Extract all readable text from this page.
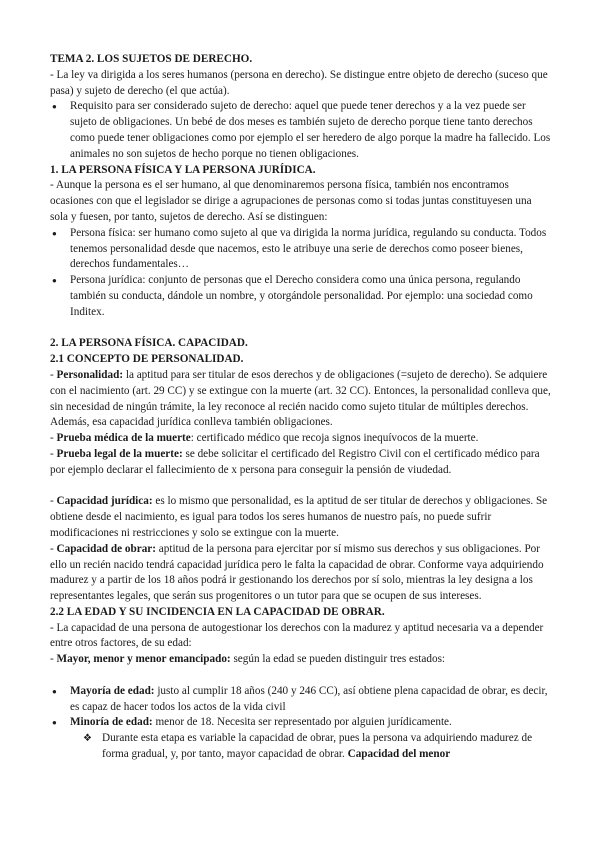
TEMA 2. LOS SUJETOS DE DERECHO.

- La ley va dirigida a los seres humanos (persona en derecho). Se distingue entre objeto de derecho (suceso que pasa) y sujeto de derecho (el que actúa).

● Requisito para ser considerado sujeto de derecho: aquel que puede tener derechos y a la vez puede ser sujeto de obligaciones. Un bebé de dos meses es también sujeto de derecho porque tiene tanto derechos como puede tener obligaciones como por ejemplo el ser heredero de algo porque la madre ha fallecido. Los animales no son sujetos de hecho porque no tienen obligaciones.

1. LA PERSONA FÍSICA Y LA PERSONA JURÍDICA.

- Aunque la persona es el ser humano, al que denominaremos persona física, también nos encontramos ocasiones con que el legislador se dirige a agrupaciones de personas como si todas juntas constituyesen una sola y fuesen, por tanto, sujetos de derecho. Así se distinguen:

● Persona física: ser humano como sujeto al que va dirigida la norma jurídica, regulando su conducta. Todos tenemos personalidad desde que nacemos, esto le atribuye una serie de derechos como poseer bienes, derechos fundamentales…

● Persona jurídica: conjunto de personas que el Derecho considera como una única persona, regulando también su conducta, dándole un nombre, y otorgándole personalidad. Por ejemplo: una sociedad como Inditex.

2. LA PERSONA FÍSICA. CAPACIDAD.

2.1 CONCEPTO DE PERSONALIDAD.

- Personalidad: la aptitud para ser titular de esos derechos y de obligaciones (=sujeto de derecho). Se adquiere con el nacimiento (art. 29 CC) y se extingue con la muerte (art. 32 CC). Entonces, la personalidad conlleva que, sin necesidad de ningún trámite, la ley reconoce al recién nacido como sujeto titular de múltiples derechos. Además, esa capacidad jurídica conlleva también obligaciones.

- Prueba médica de la muerte: certificado médico que recoja signos inequívocos de la muerte.

- Prueba legal de la muerte: se debe solicitar el certificado del Registro Civil con el certificado médico para por ejemplo declarar el fallecimiento de x persona para conseguir la pensión de viudedad.

- Capacidad jurídica: es lo mismo que personalidad, es la aptitud de ser titular de derechos y obligaciones. Se obtiene desde el nacimiento, es igual para todos los seres humanos de nuestro país, no puede sufrir modificaciones ni restricciones y solo se extingue con la muerte.

- Capacidad de obrar: aptitud de la persona para ejercitar por sí mismo sus derechos y sus obligaciones. Por ello un recién nacido tendrá capacidad jurídica pero le falta la capacidad de obrar. Conforme vaya adquiriendo madurez y a partir de los 18 años podrá ir gestionando los derechos por sí solo, mientras la ley designa a los representantes legales, que serán sus progenitores o un tutor para que se ocupen de sus intereses.

2.2 LA EDAD Y SU INCIDENCIA EN LA CAPACIDAD DE OBRAR.

- La capacidad de una persona de autogestionar los derechos con la madurez y aptitud necesaria va a depender entre otros factores, de su edad:

- Mayor, menor y menor emancipado: según la edad se pueden distinguir tres estados:

● Mayoría de edad: justo al cumplir 18 años (240 y 246 CC), así obtiene plena capacidad de obrar, es decir, es capaz de hacer todos los actos de la vida civil

● Minoría de edad: menor de 18. Necesita ser representado por alguien jurídicamente.

❖ Durante esta etapa es variable la capacidad de obrar, pues la persona va adquiriendo madurez de forma gradual, y, por tanto, mayor capacidad de obrar. Capacidad del menor
